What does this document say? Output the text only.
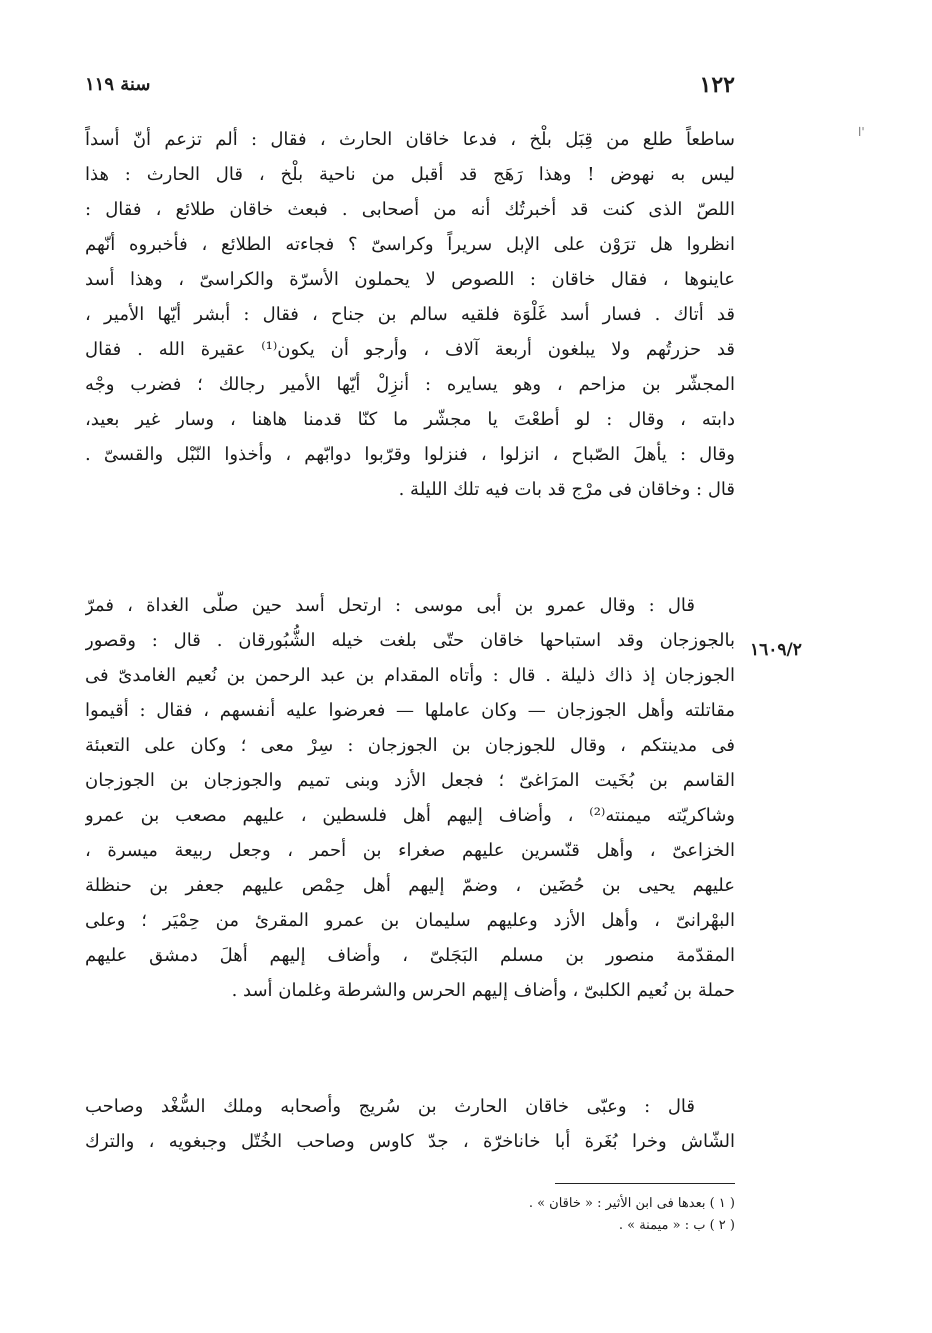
١٢٢
سنة ١١٩
ا'
١٦٠٩/٢
ساطعاً طلع من قِبَل بلْخ ، فدعا خاقان الحارث ، فقال : ألم تزعم أنّ أسداً
ليس به نهوض ! وهذا رَهَج قد أقبل من ناحية بلْخ ، قال الحارث : هذا
اللصّ الذى كنت قد أخبرتُك أنه من أصحابى . فبعث خاقان طلائع ، فقال :
انظروا هل ترَوْن على الإبل سريراً وكراسىّ ؟ فجاءته الطلائع ، فأخبروه أنّهم
عاينوها ، فقال خاقان : اللصوص لا يحملون الأسرّة والكراسىّ ، وهذا أسد
قد أتاك . فسار أسد غَلْوَة فلقيه سالم بن جناح ، فقال : أبشر أيّها الأمير ،
قد حزرتُهم ولا يبلغون أربعة آلاف ، وأرجو أن يكون⁽¹⁾ عقيرة الله . فقال
المجشّر بن مزاحم ، وهو يسايره : أنزِلْ أيّها الأمير رجالك ؛ فضرب وجْه
دابته ، وقال : لو أطعْتَ يا مجشّر ما كنّا قدمنا هاهنا ، وسار غير بعيد،
وقال : يأهلَ الصّباح ، انزلوا ، فنزلوا وقرّبوا دوابّهم ، وأخذوا النّبْل والقسىّ .
قال : وخاقان فى مرْج قد بات فيه تلك الليلة .
قال : وقال عمرو بن أبى موسى : ارتحل أسد حين صلّى الغداة ، فمرّ
بالجوزجان وقد استباحها خاقان حتّى بلغت خيله الشُّبُورقان . قال : وقصور
الجوزجان إذ ذاك ذليلة . قال : وأتاه المقدام بن عبد الرحمن بن نُعيم الغامدىّ فى
مقاتلته وأهل الجوزجان — وكان عاملها — فعرضوا عليه أنفسهم ، فقال : أقيموا
فى مدينتكم ، وقال للجوزجان بن الجوزجان : سِرْ معى ؛ وكان على التعبئة
القاسم بن بُخَيت المرَاغىّ ؛ فجعل الأزد وبنى تميم والجوزجان بن الجوزجان
وشاكريّته ميمنته⁽²⁾ ، وأضاف إليهم أهل فلسطين ، عليهم مصعب بن عمرو
الخزاعىّ ، وأهل قنّسرين عليهم صغراء بن أحمر ، وجعل ربيعة ميسرة ،
عليهم يحيى بن حُضَين ، وضمّ إليهم أهل حِمْص عليهم جعفر بن حنظلة
البهْرانىّ ، وأهل الأزد وعليهم سليمان بن عمرو المقرئ من حِمْيَر ؛ وعلى
المقدّمة منصور بن مسلم البَجَلىّ ، وأضاف إليهم أهلَ دمشق عليهم
حملة بن نُعيم الكلبىّ ، وأضاف إليهم الحرس والشرطة وغلمان أسد .
قال : وعبّى خاقان الحارث بن سُريج وأصحابه وملك السُّغْد وصاحب
الشّاش وخرا بُغَرة أبا خاناخرّة ، جدّ كاوس وصاحب الخُتّل وجبغويه ، والترك
( ١ ) بعدها فى ابن الأثير : « خاقان » .
( ٢ ) ب : « ميمنة » .
